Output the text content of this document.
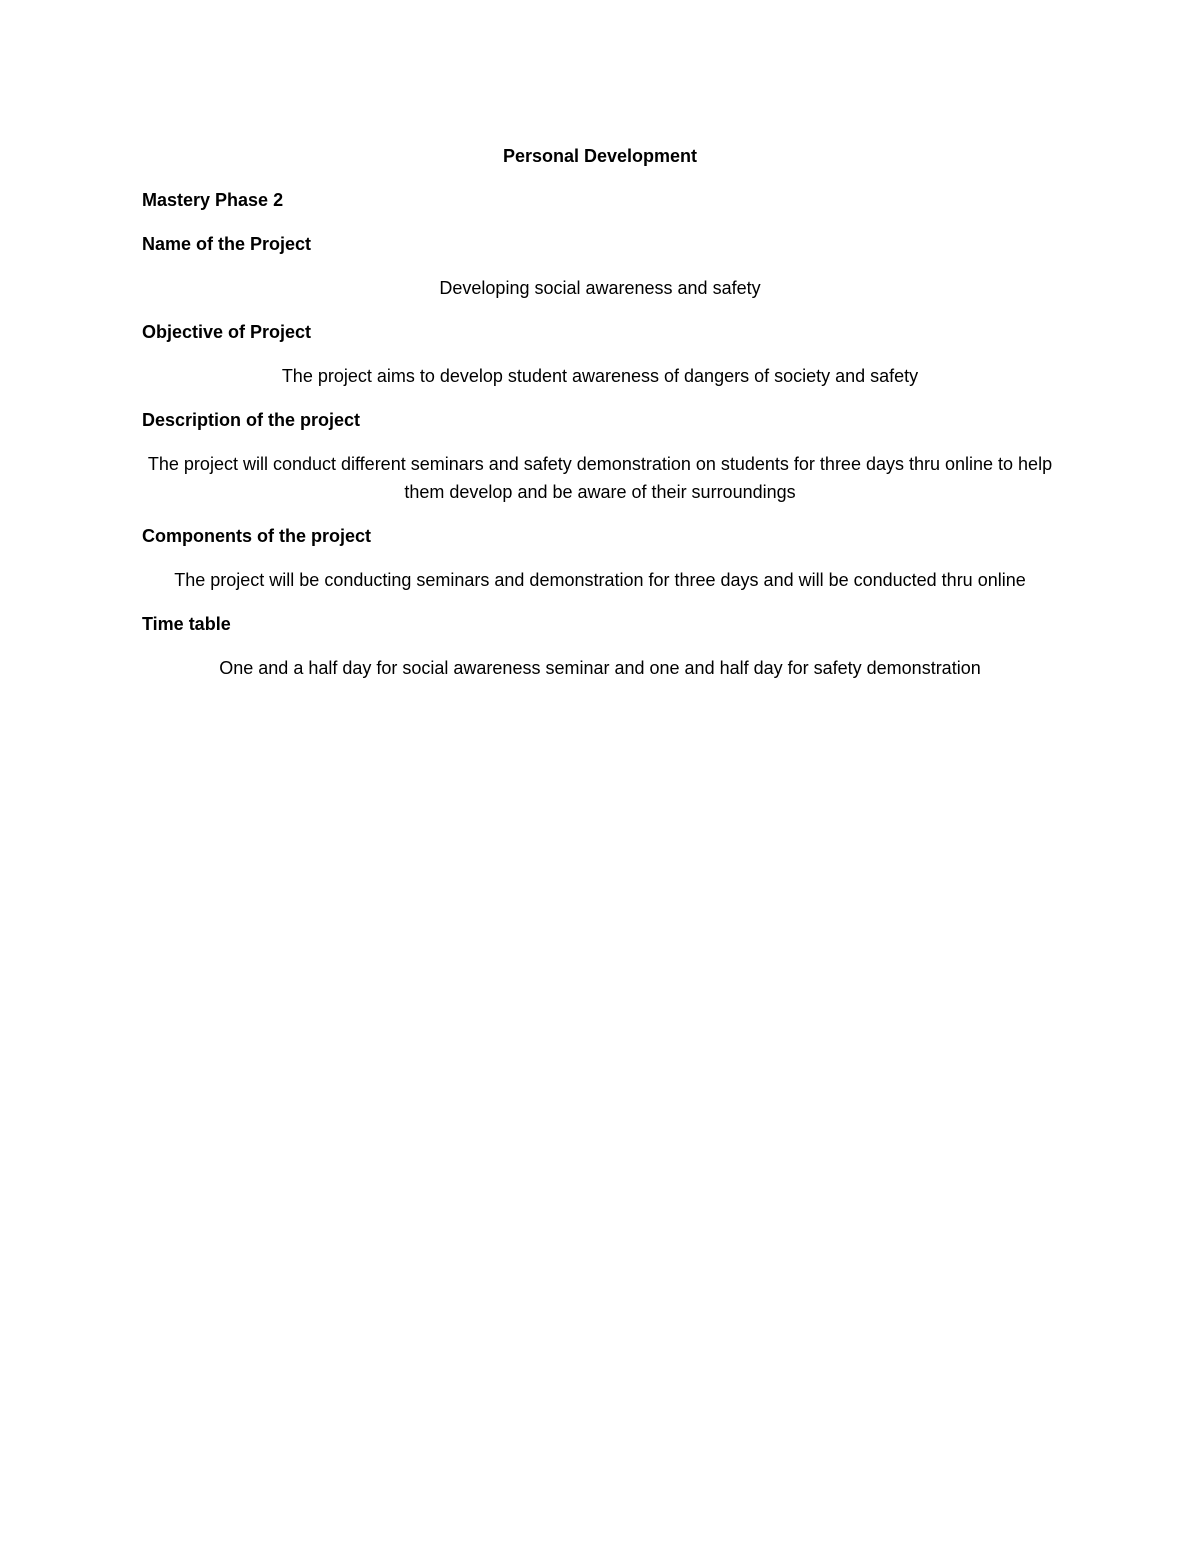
Personal Development

Mastery Phase 2

Name of the Project

Developing social awareness and safety

Objective of Project

The project aims to develop student awareness of dangers of society and safety

Description of the project

The project will conduct different seminars and safety demonstration on students for three days thru online to help them develop and be aware of their surroundings

Components of the project

The project will be conducting seminars and demonstration for three days and will be conducted thru online

Time table

One and a half day for social awareness seminar and one and half day for safety demonstration
